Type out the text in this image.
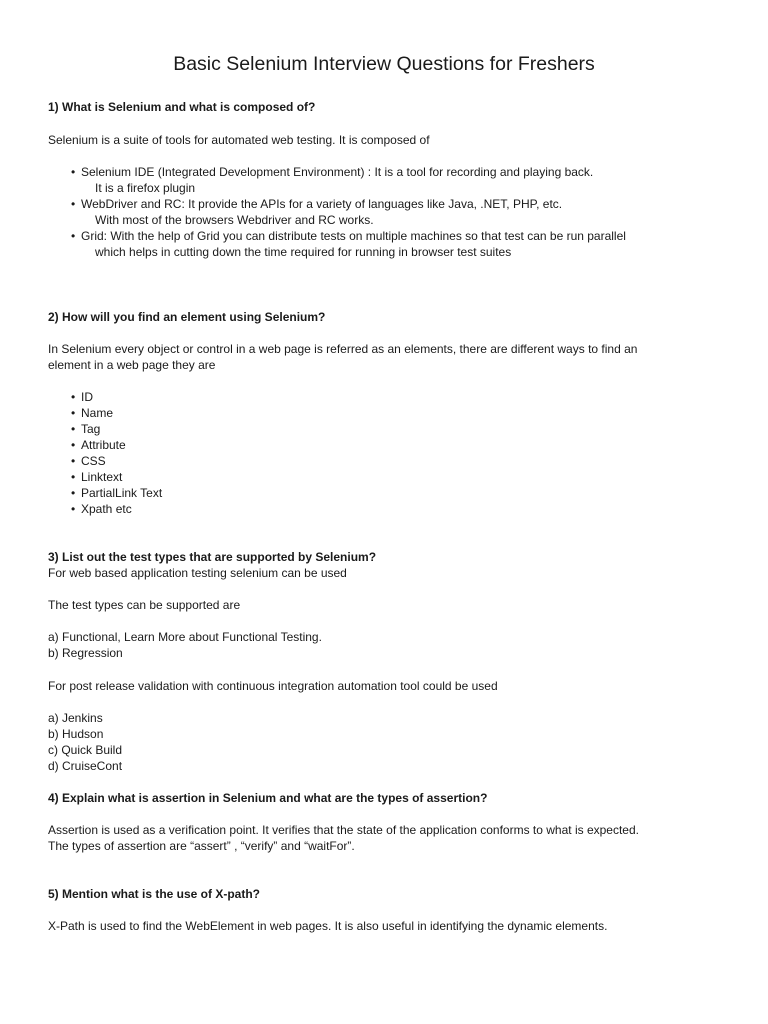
Basic Selenium Interview Questions for Freshers
1) What is Selenium and what is composed of?
Selenium is a suite of tools for automated web testing. It is composed of
• Selenium IDE (Integrated Development Environment) : It is a tool for recording and playing back.
It is a firefox plugin
• WebDriver and RC: It provide the APIs for a variety of languages like Java, .NET, PHP, etc.
With most of the browsers Webdriver and RC works.
• Grid: With the help of Grid you can distribute tests on multiple machines so that test can be run parallel
which helps in cutting down the time required for running in browser test suites
2) How will you find an element using Selenium?
In Selenium every object or control in a web page is referred as an elements, there are different ways to find an
element in a web page they are
• ID
• Name
• Tag
• Attribute
• CSS
• Linktext
• PartialLink Text
• Xpath etc
3) List out the test types that are supported by Selenium?
For web based application testing selenium can be used
The test types can be supported are
a) Functional, Learn More about Functional Testing.
b) Regression
For post release validation with continuous integration automation tool could be used
a) Jenkins
b) Hudson
c) Quick Build
d) CruiseCont
4) Explain what is assertion in Selenium and what are the types of assertion?
Assertion is used as a verification point. It verifies that the state of the application conforms to what is expected.
The types of assertion are “assert” , “verify” and “waitFor”.
5) Mention what is the use of X-path?
X-Path is used to find the WebElement in web pages. It is also useful in identifying the dynamic elements.
